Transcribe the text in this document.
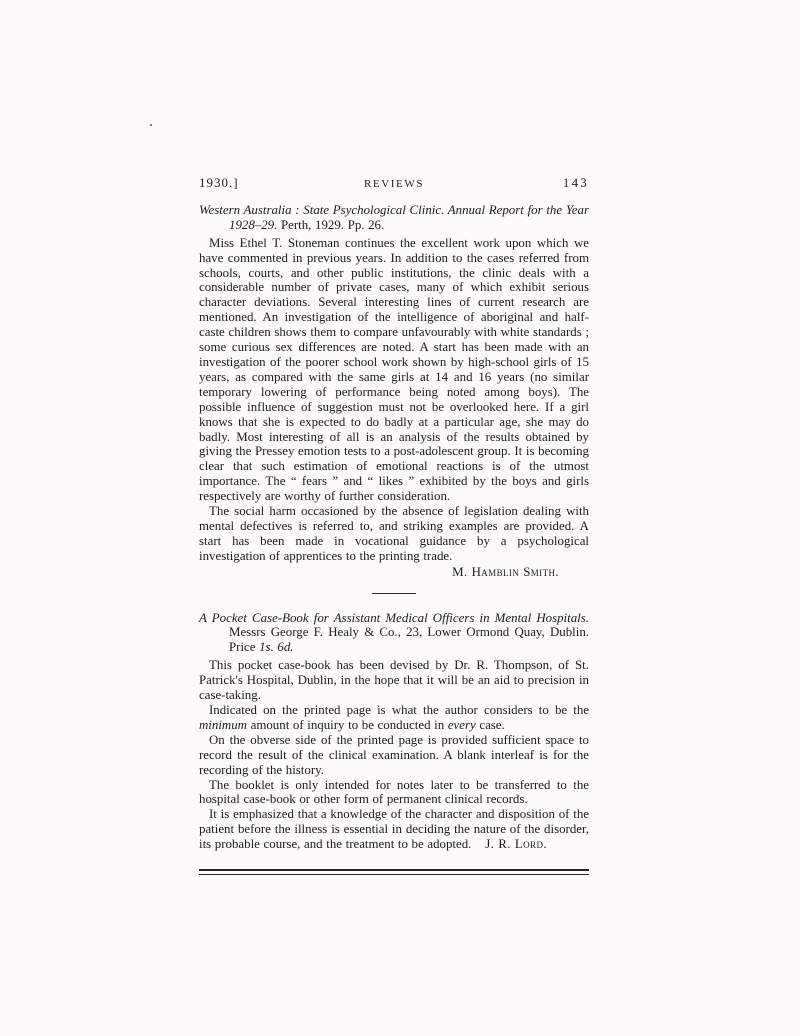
1930.]	REVIEWS	143

Western Australia : State Psychological Clinic. Annual Report for the Year 1928–29. Perth, 1929. Pp. 26.

Miss Ethel T. Stoneman continues the excellent work upon which we have commented in previous years. In addition to the cases referred from schools, courts, and other public institutions, the clinic deals with a considerable number of private cases, many of which exhibit serious character deviations. Several interesting lines of current research are mentioned. An investigation of the intelligence of aboriginal and half-caste children shows them to compare unfavourably with white standards ; some curious sex differences are noted. A start has been made with an investigation of the poorer school work shown by high-school girls of 15 years, as compared with the same girls at 14 and 16 years (no similar temporary lowering of performance being noted among boys). The possible influence of suggestion must not be overlooked here. If a girl knows that she is expected to do badly at a particular age, she may do badly. Most interesting of all is an analysis of the results obtained by giving the Pressey emotion tests to a post-adolescent group. It is becoming clear that such estimation of emotional reactions is of the utmost importance. The “ fears ” and “ likes ” exhibited by the boys and girls respectively are worthy of further consideration.

The social harm occasioned by the absence of legislation dealing with mental defectives is referred to, and striking examples are provided. A start has been made in vocational guidance by a psychological investigation of apprentices to the printing trade.

M. Hamblin Smith.

A Pocket Case-Book for Assistant Medical Officers in Mental Hospitals. Messrs George F. Healy & Co., 23, Lower Ormond Quay, Dublin. Price 1s. 6d.

This pocket case-book has been devised by Dr. R. Thompson, of St. Patrick's Hospital, Dublin, in the hope that it will be an aid to precision in case-taking.

Indicated on the printed page is what the author considers to be the minimum amount of inquiry to be conducted in every case.

On the obverse side of the printed page is provided sufficient space to record the result of the clinical examination. A blank interleaf is for the recording of the history.

The booklet is only intended for notes later to be transferred to the hospital case-book or other form of permanent clinical records.

It is emphasized that a knowledge of the character and disposition of the patient before the illness is essential in deciding the nature of the disorder, its probable course, and the treatment to be adopted.	J. R. Lord.
